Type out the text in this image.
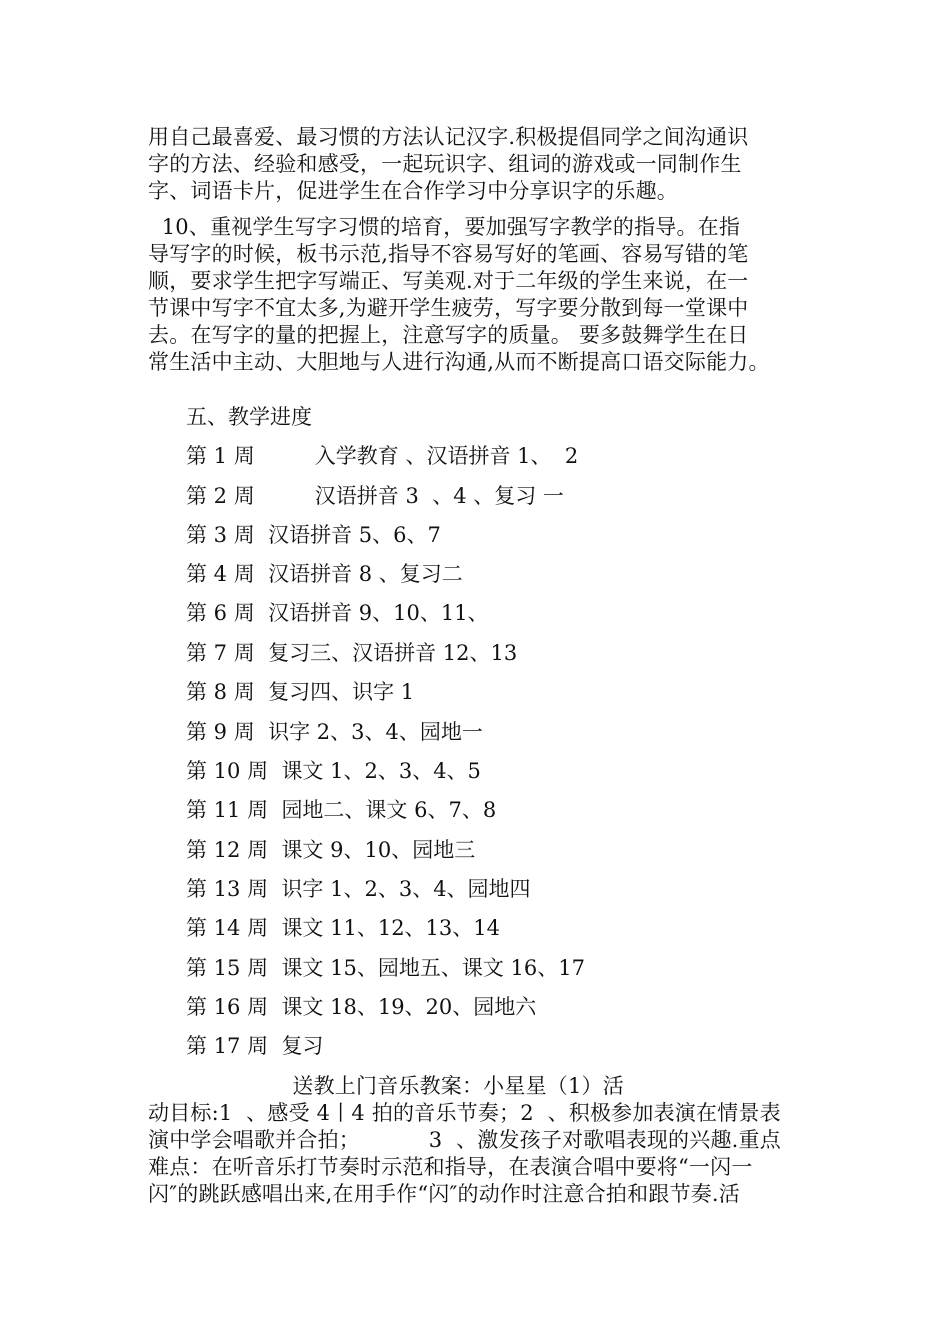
用自己最喜爱、最习惯的方法认记汉字.积极提倡同学之间沟通识
字的方法、经验和感受，一起玩识字、组词的游戏或一同制作生
字、词语卡片，促进学生在合作学习中分享识字的乐趣。
10、重视学生写字习惯的培育，要加强写字教学的指导。在指
导写字的时候，板书示范,指导不容易写好的笔画、容易写错的笔
顺，要求学生把字写端正、写美观.对于二年级的学生来说，在一
节课中写字不宜太多,为避开学生疲劳，写字要分散到每一堂课中
去。在写字的量的把握上，注意写字的质量。 要多鼓舞学生在日
常生活中主动、大胆地与人进行沟通,从而不断提高口语交际能力。
五、教学进度
第 1 周         入学教育 、汉语拼音 1、  2
第 2 周         汉语拼音 3  、4 、复习 一
第 3 周 汉语拼音 5、6、7
第 4 周 汉语拼音 8 、复习二
第 6 周 汉语拼音 9、10、11、
第 7 周 复习三、汉语拼音 12、13
第 8 周 复习四、识字 1
第 9 周 识字 2、3、4、园地一
第 10 周 课文 1、2、3、4、5
第 11 周 园地二、课文 6、7、8
第 12 周 课文 9、10、园地三
第 13 周 识字 1、2、3、4、园地四
第 14 周 课文 11、12、13、14
第 15 周 课文 15、园地五、课文 16、17
第 16 周 课文 18、19、20、园地六
第 17 周 复习
送教上门音乐教案：小星星（1）活
动目标:1  、感受 4丨4 拍的音乐节奏；2  、积极参加表演在情景表
演中学会唱歌并合拍；          3  、激发孩子对歌唱表现的兴趣.重点
难点：在听音乐打节奏时示范和指导，在表演合唱中要将“一闪一
闪″的跳跃感唱出来,在用手作“闪″的动作时注意合拍和跟节奏.活
